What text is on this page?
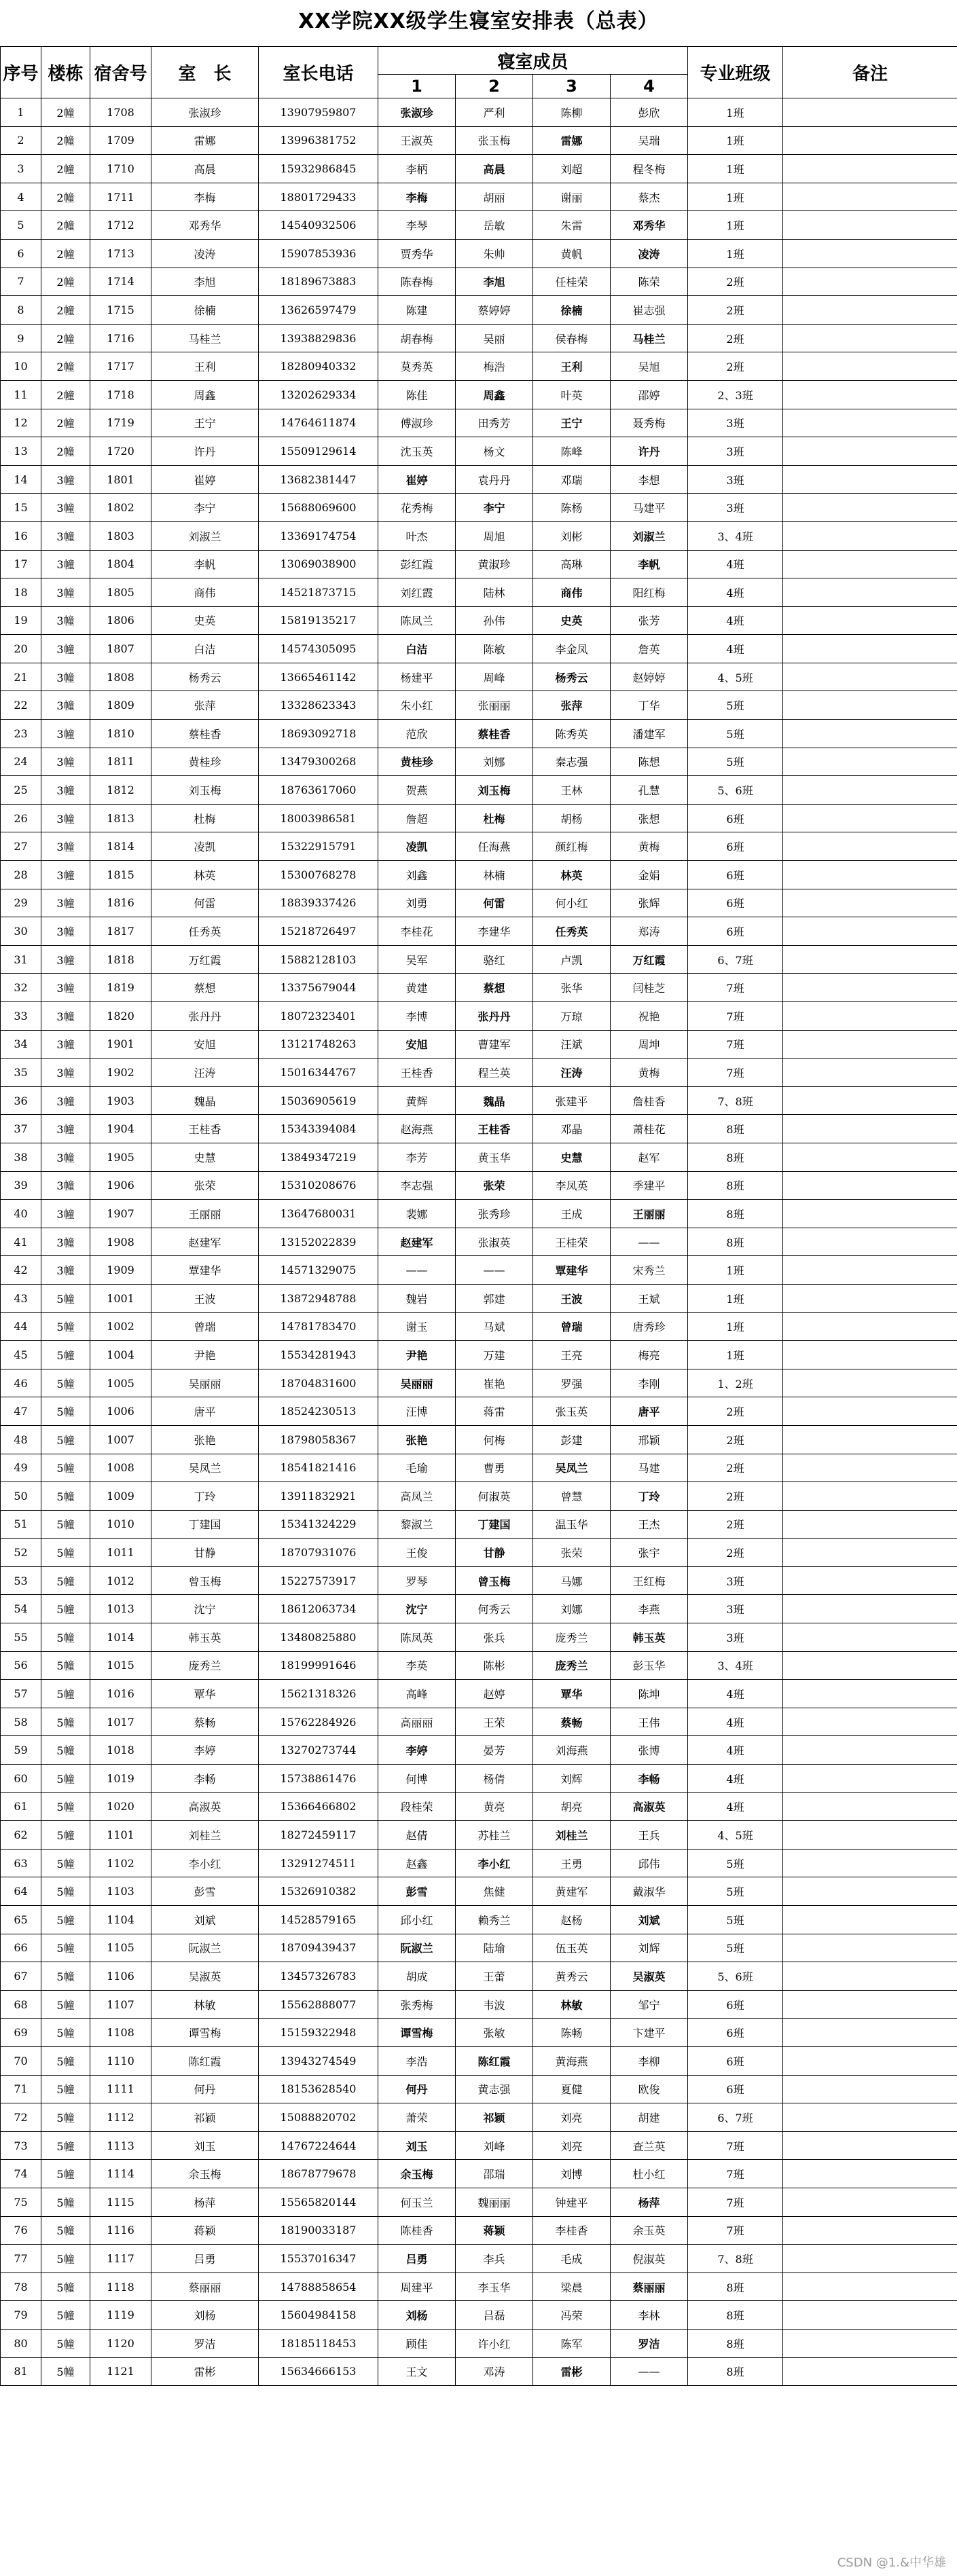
XX学院XX级学生寝室安排表（总表）
序号	楼栋	宿舍号	室　长	室长电话	寝室成员				专业班级	备注
					1	2	3	4		
1	2幢	1708	张淑珍	13907959807	张淑珍	严利	陈柳	彭欣	1班	
2	2幢	1709	雷娜	13996381752	王淑英	张玉梅	雷娜	吴瑞	1班	
3	2幢	1710	高晨	15932986845	李柄	高晨	刘超	程冬梅	1班	
4	2幢	1711	李梅	18801729433	李梅	胡丽	谢丽	蔡杰	1班	
5	2幢	1712	邓秀华	14540932506	李琴	岳敏	朱雷	邓秀华	1班	
6	2幢	1713	凌涛	15907853936	贾秀华	朱帅	黄帆	凌涛	1班	
7	2幢	1714	李旭	18189673883	陈春梅	李旭	任桂荣	陈荣	2班	
8	2幢	1715	徐楠	13626597479	陈建	蔡婷婷	徐楠	崔志强	2班	
9	2幢	1716	马桂兰	13938829836	胡春梅	吴丽	侯春梅	马桂兰	2班	
10	2幢	1717	王利	18280940332	莫秀英	梅浩	王利	吴旭	2班	
11	2幢	1718	周鑫	13202629334	陈佳	周鑫	叶英	邵婷	2、3班	
12	2幢	1719	王宁	14764611874	傅淑珍	田秀芳	王宁	聂秀梅	3班	
13	2幢	1720	许丹	15509129614	沈玉英	杨文	陈峰	许丹	3班	
14	3幢	1801	崔婷	13682381447	崔婷	袁丹丹	邓瑞	李想	3班	
15	3幢	1802	李宁	15688069600	花秀梅	李宁	陈杨	马建平	3班	
16	3幢	1803	刘淑兰	13369174754	叶杰	周旭	刘彬	刘淑兰	3、4班	
17	3幢	1804	李帆	13069038900	彭红霞	黄淑珍	高琳	李帆	4班	
18	3幢	1805	商伟	14521873715	刘红霞	陆林	商伟	阳红梅	4班	
19	3幢	1806	史英	15819135217	陈凤兰	孙伟	史英	张芳	4班	
20	3幢	1807	白洁	14574305095	白洁	陈敏	李金凤	詹英	4班	
21	3幢	1808	杨秀云	13665461142	杨建平	周峰	杨秀云	赵婷婷	4、5班	
22	3幢	1809	张萍	13328623343	朱小红	张丽丽	张萍	丁华	5班	
23	3幢	1810	蔡桂香	18693092718	范欣	蔡桂香	陈秀英	潘建军	5班	
24	3幢	1811	黄桂珍	13479300268	黄桂珍	刘娜	秦志强	陈想	5班	
25	3幢	1812	刘玉梅	18763617060	贺燕	刘玉梅	王林	孔慧	5、6班	
26	3幢	1813	杜梅	18003986581	詹超	杜梅	胡杨	张想	6班	
27	3幢	1814	凌凯	15322915791	凌凯	任海燕	颜红梅	黄梅	6班	
28	3幢	1815	林英	15300768278	刘鑫	林楠	林英	金娟	6班	
29	3幢	1816	何雷	18839337426	刘勇	何雷	何小红	张辉	6班	
30	3幢	1817	任秀英	15218726497	李桂花	李建华	任秀英	郑涛	6班	
31	3幢	1818	万红霞	15882128103	吴军	骆红	卢凯	万红霞	6、7班	
32	3幢	1819	蔡想	13375679044	黄建	蔡想	张华	闫桂芝	7班	
33	3幢	1820	张丹丹	18072323401	李博	张丹丹	万琼	祝艳	7班	
34	3幢	1901	安旭	13121748263	安旭	曹建军	汪斌	周坤	7班	
35	3幢	1902	汪涛	15016344767	王桂香	程兰英	汪涛	黄梅	7班	
36	3幢	1903	魏晶	15036905619	黄辉	魏晶	张建平	詹桂香	7、8班	
37	3幢	1904	王桂香	15343394084	赵海燕	王桂香	邓晶	萧桂花	8班	
38	3幢	1905	史慧	13849347219	李芳	黄玉华	史慧	赵军	8班	
39	3幢	1906	张荣	15310208676	李志强	张荣	李凤英	季建平	8班	
40	3幢	1907	王丽丽	13647680031	裴娜	张秀珍	王成	王丽丽	8班	
41	3幢	1908	赵建军	13152022839	赵建军	张淑英	王桂荣	——	8班	
42	3幢	1909	覃建华	14571329075	——	——	覃建华	宋秀兰	1班	
43	5幢	1001	王波	13872948788	魏岩	郭建	王波	王斌	1班	
44	5幢	1002	曾瑞	14781783470	谢玉	马斌	曾瑞	唐秀珍	1班	
45	5幢	1004	尹艳	15534281943	尹艳	万建	王亮	梅亮	1班	
46	5幢	1005	吴丽丽	18704831600	吴丽丽	崔艳	罗强	李刚	1、2班	
47	5幢	1006	唐平	18524230513	汪博	蒋雷	张玉英	唐平	2班	
48	5幢	1007	张艳	18798058367	张艳	何梅	彭建	邢颖	2班	
49	5幢	1008	吴凤兰	18541821416	毛瑜	曹勇	吴凤兰	马建	2班	
50	5幢	1009	丁玲	13911832921	高凤兰	何淑英	曾慧	丁玲	2班	
51	5幢	1010	丁建国	15341324229	黎淑兰	丁建国	温玉华	王杰	2班	
52	5幢	1011	甘静	18707931076	王俊	甘静	张荣	张宇	2班	
53	5幢	1012	曾玉梅	15227573917	罗琴	曾玉梅	马娜	王红梅	3班	
54	5幢	1013	沈宁	18612063734	沈宁	何秀云	刘娜	李燕	3班	
55	5幢	1014	韩玉英	13480825880	陈凤英	张兵	庞秀兰	韩玉英	3班	
56	5幢	1015	庞秀兰	18199991646	李英	陈彬	庞秀兰	彭玉华	3、4班	
57	5幢	1016	覃华	15621318326	高峰	赵婷	覃华	陈坤	4班	
58	5幢	1017	蔡畅	15762284926	高丽丽	王荣	蔡畅	王伟	4班	
59	5幢	1018	李婷	13270273744	李婷	晏芳	刘海燕	张博	4班	
60	5幢	1019	李畅	15738861476	何博	杨倩	刘辉	李畅	4班	
61	5幢	1020	高淑英	15366466802	段桂荣	黄亮	胡亮	高淑英	4班	
62	5幢	1101	刘桂兰	18272459117	赵倩	苏桂兰	刘桂兰	王兵	4、5班	
63	5幢	1102	李小红	13291274511	赵鑫	李小红	王勇	邱伟	5班	
64	5幢	1103	彭雪	15326910382	彭雪	焦健	黄建军	戴淑华	5班	
65	5幢	1104	刘斌	14528579165	邱小红	赖秀兰	赵杨	刘斌	5班	
66	5幢	1105	阮淑兰	18709439437	阮淑兰	陆瑜	伍玉英	刘辉	5班	
67	5幢	1106	吴淑英	13457326783	胡成	王蕾	黄秀云	吴淑英	5、6班	
68	5幢	1107	林敏	15562888077	张秀梅	韦波	林敏	邹宁	6班	
69	5幢	1108	谭雪梅	15159322948	谭雪梅	张敏	陈畅	卞建平	6班	
70	5幢	1110	陈红霞	13943274549	李浩	陈红霞	黄海燕	李柳	6班	
71	5幢	1111	何丹	18153628540	何丹	黄志强	夏健	欧俊	6班	
72	5幢	1112	祁颖	15088820702	萧荣	祁颖	刘亮	胡建	6、7班	
73	5幢	1113	刘玉	14767224644	刘玉	刘峰	刘亮	查兰英	7班	
74	5幢	1114	余玉梅	18678779678	余玉梅	邵瑞	刘博	杜小红	7班	
75	5幢	1115	杨萍	15565820144	何玉兰	魏丽丽	钟建平	杨萍	7班	
76	5幢	1116	蒋颖	18190033187	陈桂香	蒋颖	李桂香	余玉英	7班	
77	5幢	1117	吕勇	15537016347	吕勇	李兵	毛成	倪淑英	7、8班	
78	5幢	1118	蔡丽丽	14788858654	周建平	李玉华	梁晨	蔡丽丽	8班	
79	5幢	1119	刘杨	15604984158	刘杨	吕磊	冯荣	李林	8班	
80	5幢	1120	罗洁	18185118453	顾佳	许小红	陈军	罗洁	8班	
81	5幢	1121	雷彬	15634666153	王文	邓涛	雷彬	——	8班	
CSDN @1.&中华雄
